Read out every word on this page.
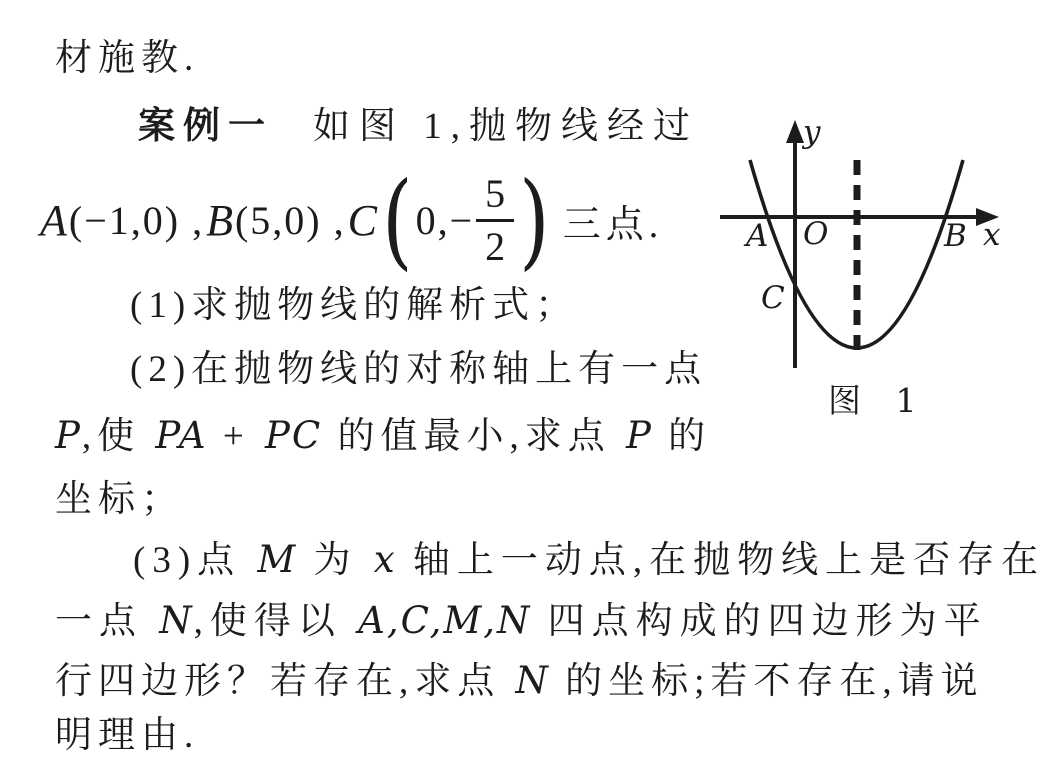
材施教.
案例一 如图 1,抛物线经过
A (−1,0) , B (5,0) , C ( $0,- \frac{5}{2}$ ) 三点.
(1)求抛物线的解析式；
(2)在抛物线的对称轴上有一点
P,使 PA + PC 的值最小,求点 P 的
坐标；
(3)点 M 为 x 轴上一动点,在抛物线上是否存在
一点 N,使得以 A,C,M,N 四点构成的四边形为平
行四边形？若存在,求点 N 的坐标;若不存在,请说
明理由.
y
x
A O	B
C
图 1
